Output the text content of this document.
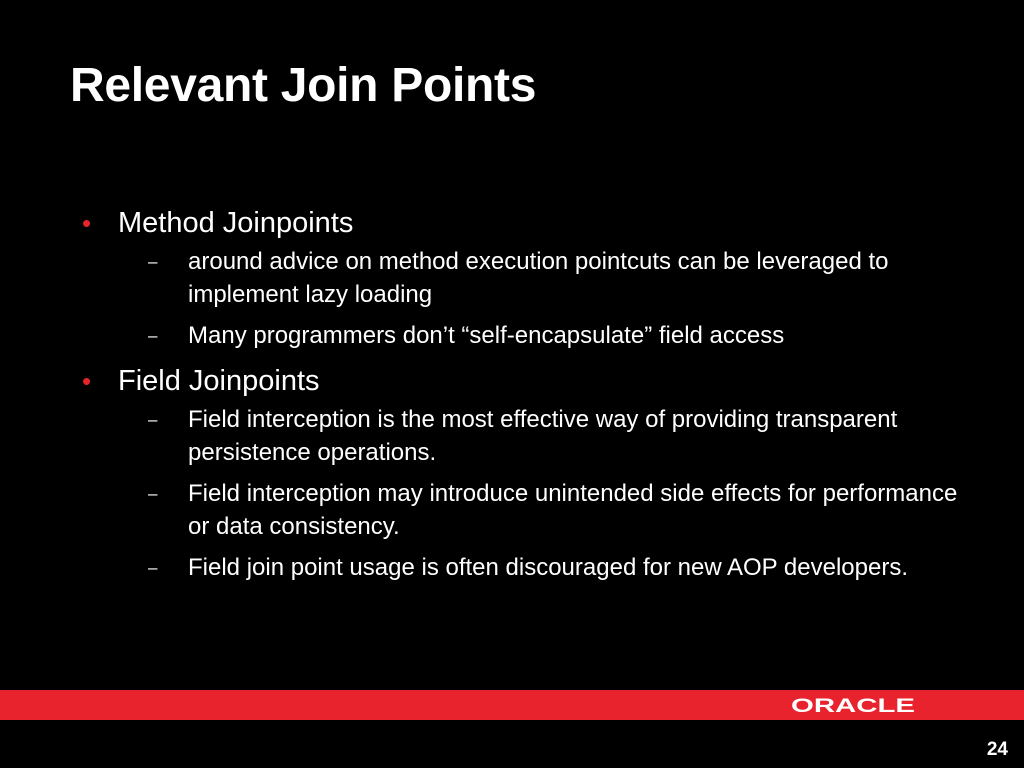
Relevant Join Points
• Method Joinpoints
– around advice on method execution pointcuts can be leveraged to implement lazy loading
– Many programmers don’t “self-encapsulate” field access
• Field Joinpoints
– Field interception is the most effective way of providing transparent persistence operations.
– Field interception may introduce unintended side effects for performance or data consistency.
– Field join point usage is often discouraged for new AOP developers.
ORACLE
24
